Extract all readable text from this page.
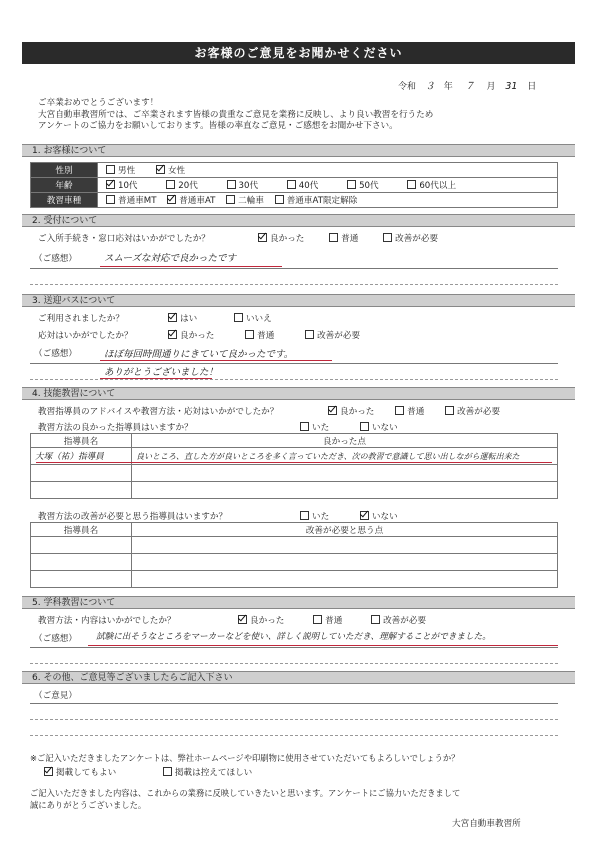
お客様のご意見をお聞かせください
令和 ３ 年 ７ 月 31 日
ご卒業おめでとうございます！
大宮自動車教習所では、ご卒業されます皆様の貴重なご意見を業務に反映し、より良い教習を行うため
アンケートのご協力をお願いしております。皆様の率直なご意見・ご感想をお聞かせ下さい。
1. お客様について
性別	男性 女性
年齢	10代 20代 30代 40代 50代 60代以上
教習車種	普通車MT 普通車AT 二輪車 普通車AT限定解除
2. 受付について
ご入所手続き・窓口応対はいかがでしたか？	良かった	普通	改善が必要
（ご感想）	スムーズな対応で良かったです
3. 送迎バスについて
ご利用されましたか？	はい	いいえ
応対はいかがでしたか？	良かった	普通	改善が必要
（ご感想）	ほぼ毎回時間通りにきていて良かったです。
ありがとうございました！
4. 技能教習について
教習指導員のアドバイスや教習方法・応対はいかがでしたか？	良かった	普通	改善が必要
教習方法の良かった指導員はいますか？	いた	いない
指導員名	良かった点
大塚（祐）指導員	良いところ、直した方が良いところを多く言っていただき、次の教習で意識して思い出しながら運転出来た

教習方法の改善が必要と思う指導員はいますか？	いた	いない
指導員名	改善が必要と思う点

5. 学科教習について
教習方法・内容はいかがでしたか？	良かった	普通	改善が必要
（ご感想） 試験に出そうなところをマーカーなどを使い、詳しく説明していただき、理解することができました。
6. その他、ご意見等ございましたらご記入下さい
（ご意見）
※ご記入いただきましたアンケートは、弊社ホームページや印刷物に使用させていただいてもよろしいでしょうか？
掲載してもよい	掲載は控えてほしい
ご記入いただきました内容は、これからの業務に反映していきたいと思います。アンケートにご協力いただきまして
誠にありがとうございました。
大宮自動車教習所
